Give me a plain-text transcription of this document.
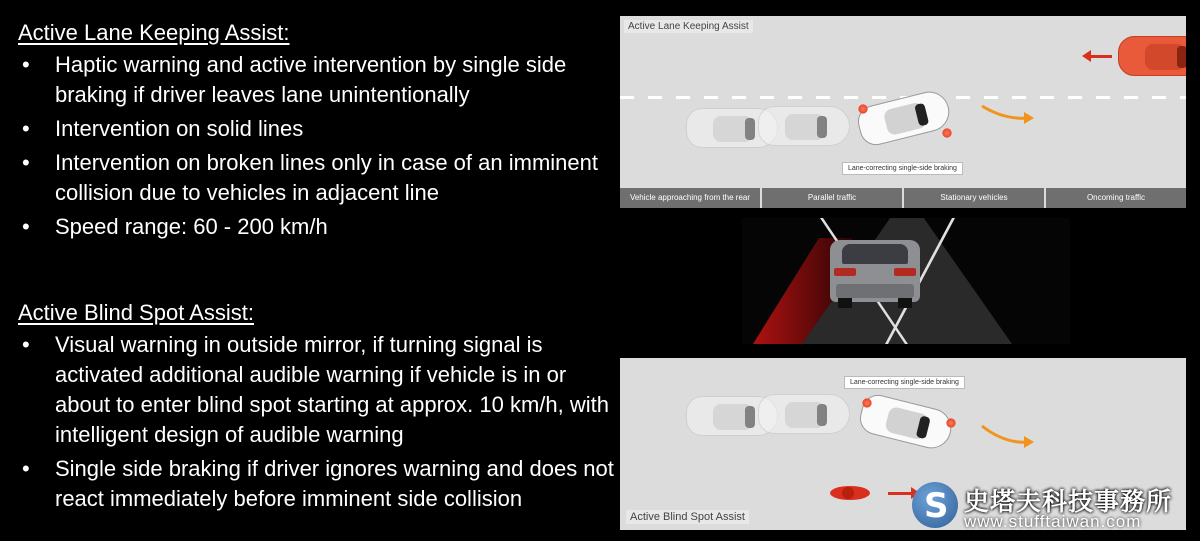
Active Lane Keeping Assist:
• Haptic warning and active intervention by single side braking if driver leaves lane unintentionally
• Intervention on solid lines
• Intervention on broken lines only in case of an imminent collision due to vehicles in adjacent line
• Speed range: 60 - 200 km/h
Active Blind Spot Assist:
• Visual warning in outside mirror, if turning signal is activated additional audible warning if vehicle is in or about to enter blind spot starting at approx. 10 km/h, with intelligent design of audible warning
• Single side braking if driver ignores warning and does not react immediately before imminent side collision
Active Lane Keeping Assist
Lane-correcting single-side braking
Vehicle approaching from the rear	Parallel traffic	Stationary vehicles	Oncoming traffic
Lane-correcting single-side braking
Active Blind Spot Assist	S 史塔夫科技事務所
www.stufftaiwan.com
